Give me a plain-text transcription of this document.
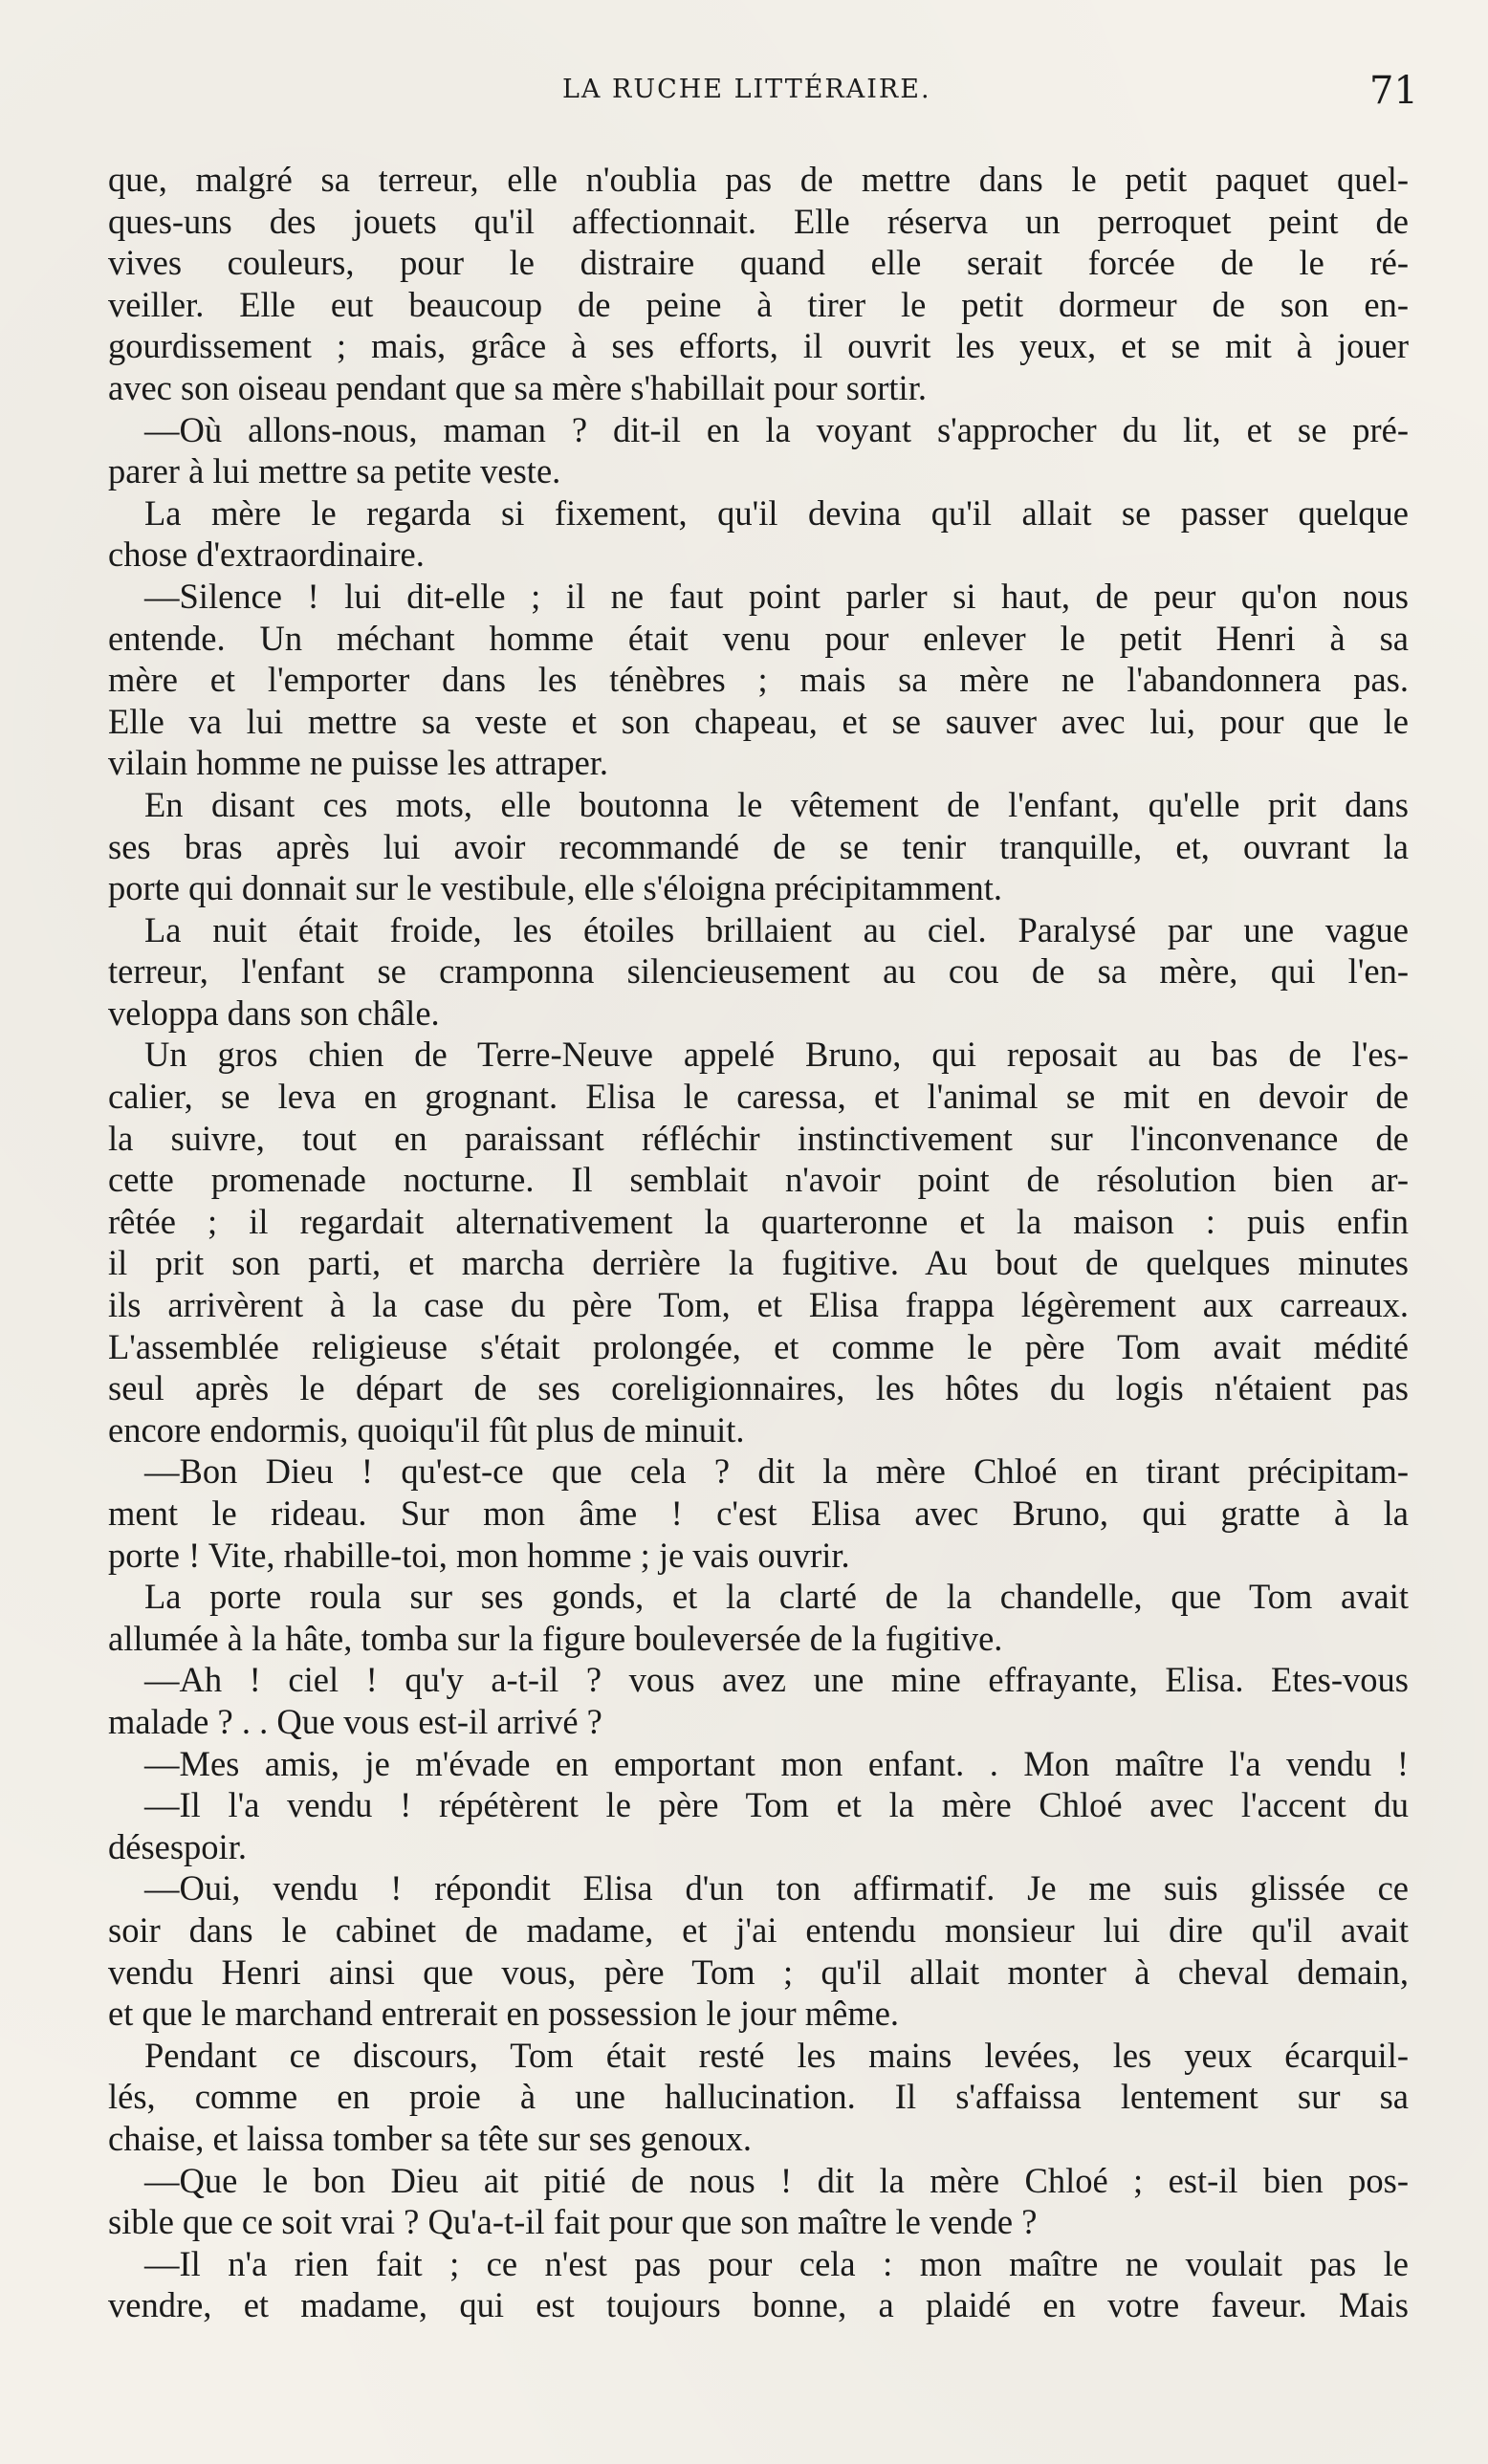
LA RUCHE LITTÉRAIRE.	71
que, malgré sa terreur, elle n'oublia pas de mettre dans le petit paquet quel-
ques-uns des jouets qu'il affectionnait. Elle réserva un perroquet peint de
vives couleurs, pour le distraire quand elle serait forcée de le ré-
veiller. Elle eut beaucoup de peine à tirer le petit dormeur de son en-
gourdissement ; mais, grâce à ses efforts, il ouvrit les yeux, et se mit à jouer
avec son oiseau pendant que sa mère s'habillait pour sortir.
—Où allons-nous, maman ? dit-il en la voyant s'approcher du lit, et se pré-
parer à lui mettre sa petite veste.
La mère le regarda si fixement, qu'il devina qu'il allait se passer quelque
chose d'extraordinaire.
—Silence ! lui dit-elle ; il ne faut point parler si haut, de peur qu'on nous
entende. Un méchant homme était venu pour enlever le petit Henri à sa
mère et l'emporter dans les ténèbres ; mais sa mère ne l'abandonnera pas.
Elle va lui mettre sa veste et son chapeau, et se sauver avec lui, pour que le
vilain homme ne puisse les attraper.
En disant ces mots, elle boutonna le vêtement de l'enfant, qu'elle prit dans
ses bras après lui avoir recommandé de se tenir tranquille, et, ouvrant la
porte qui donnait sur le vestibule, elle s'éloigna précipitamment.
La nuit était froide, les étoiles brillaient au ciel. Paralysé par une vague
terreur, l'enfant se cramponna silencieusement au cou de sa mère, qui l'en-
veloppa dans son châle.
Un gros chien de Terre-Neuve appelé Bruno, qui reposait au bas de l'es-
calier, se leva en grognant. Elisa le caressa, et l'animal se mit en devoir de
la suivre, tout en paraissant réfléchir instinctivement sur l'inconvenance de
cette promenade nocturne. Il semblait n'avoir point de résolution bien ar-
rêtée ; il regardait alternativement la quarteronne et la maison : puis enfin
il prit son parti, et marcha derrière la fugitive. Au bout de quelques minutes
ils arrivèrent à la case du père Tom, et Elisa frappa légèrement aux carreaux.
L'assemblée religieuse s'était prolongée, et comme le père Tom avait médité
seul après le départ de ses coreligionnaires, les hôtes du logis n'étaient pas
encore endormis, quoiqu'il fût plus de minuit.
—Bon Dieu ! qu'est-ce que cela ? dit la mère Chloé en tirant précipitam-
ment le rideau. Sur mon âme ! c'est Elisa avec Bruno, qui gratte à la
porte ! Vite, rhabille-toi, mon homme ; je vais ouvrir.
La porte roula sur ses gonds, et la clarté de la chandelle, que Tom avait
allumée à la hâte, tomba sur la figure bouleversée de la fugitive.
—Ah ! ciel ! qu'y a-t-il ? vous avez une mine effrayante, Elisa. Etes-vous
malade ? . . Que vous est-il arrivé ?
—Mes amis, je m'évade en emportant mon enfant. . Mon maître l'a vendu !
—Il l'a vendu ! répétèrent le père Tom et la mère Chloé avec l'accent du
désespoir.
—Oui, vendu ! répondit Elisa d'un ton affirmatif. Je me suis glissée ce
soir dans le cabinet de madame, et j'ai entendu monsieur lui dire qu'il avait
vendu Henri ainsi que vous, père Tom ; qu'il allait monter à cheval demain,
et que le marchand entrerait en possession le jour même.
Pendant ce discours, Tom était resté les mains levées, les yeux écarquil-
lés, comme en proie à une hallucination. Il s'affaissa lentement sur sa
chaise, et laissa tomber sa tête sur ses genoux.
—Que le bon Dieu ait pitié de nous ! dit la mère Chloé ; est-il bien pos-
sible que ce soit vrai ? Qu'a-t-il fait pour que son maître le vende ?
—Il n'a rien fait ; ce n'est pas pour cela : mon maître ne voulait pas le
vendre, et madame, qui est toujours bonne, a plaidé en votre faveur. Mais
